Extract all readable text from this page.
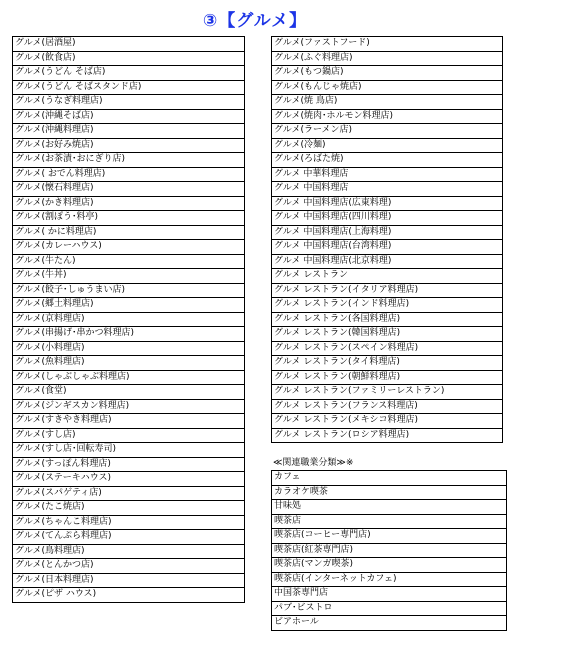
③【グルメ】
グルメ(居酒屋)
グルメ(飲食店)
グルメ(うどん そば店)
グルメ(うどん そばスタンド店)
グルメ(うなぎ料理店)
グルメ(沖縄そば店)
グルメ(沖縄料理店)
グルメ(お好み焼店)
グルメ(お茶漬･おにぎり店)
グルメ( おでん料理店)
グルメ(懐石料理店)
グルメ(かき料理店)
グルメ(割ぽう･料亭)
グルメ( かに料理店)
グルメ(カレーハウス)
グルメ(牛たん)
グルメ(牛丼)
グルメ(餃子･しゅうまい店)
グルメ(郷土料理店)
グルメ(京料理店)
グルメ(串揚げ･串かつ料理店)
グルメ(小料理店)
グルメ(魚料理店)
グルメ(しゃぶしゃぶ料理店)
グルメ(食堂)
グルメ(ジンギスカン料理店)
グルメ(すきやき料理店)
グルメ(すし店)
グルメ(すし店･回転寿司)
グルメ(すっぽん料理店)
グルメ(ステーキハウス)
グルメ(スパゲティ店)
グルメ(たこ焼店)
グルメ(ちゃんこ料理店)
グルメ(てんぷら料理店)
グルメ(鳥料理店)
グルメ(とんかつ店)
グルメ(日本料理店)
グルメ(ピザ ハウス)
グルメ(ファストフード)
グルメ(ふぐ料理店)
グルメ(もつ鍋店)
グルメ(もんじゃ焼店)
グルメ(焼 鳥店)
グルメ(焼肉･ホルモン料理店)
グルメ(ラーメン店)
グルメ(冷麺)
グルメ(ろばた焼)
グルメ 中華料理店
グルメ 中国料理店
グルメ 中国料理店(広東料理)
グルメ 中国料理店(四川料理)
グルメ 中国料理店(上海料理)
グルメ 中国料理店(台湾料理)
グルメ 中国料理店(北京料理)
グルメ レストラン
グルメ レストラン(イタリア料理店)
グルメ レストラン(インド料理店)
グルメ レストラン(各国料理店)
グルメ レストラン(韓国料理店)
グルメ レストラン(スペイン料理店)
グルメ レストラン(タイ料理店)
グルメ レストラン(朝鮮料理店)
グルメ レストラン(ファミリーレストラン)
グルメ レストラン(フランス料理店)
グルメ レストラン(メキシコ料理店)
グルメ レストラン(ロシア料理店)
≪関連職業分類≫※
カフェ
カラオケ喫茶
甘味処
喫茶店
喫茶店(コーヒー専門店)
喫茶店(紅茶専門店)
喫茶店(マンガ喫茶)
喫茶店(インターネットカフェ)
中国茶専門店
パブ･ビストロ
ビアホール
